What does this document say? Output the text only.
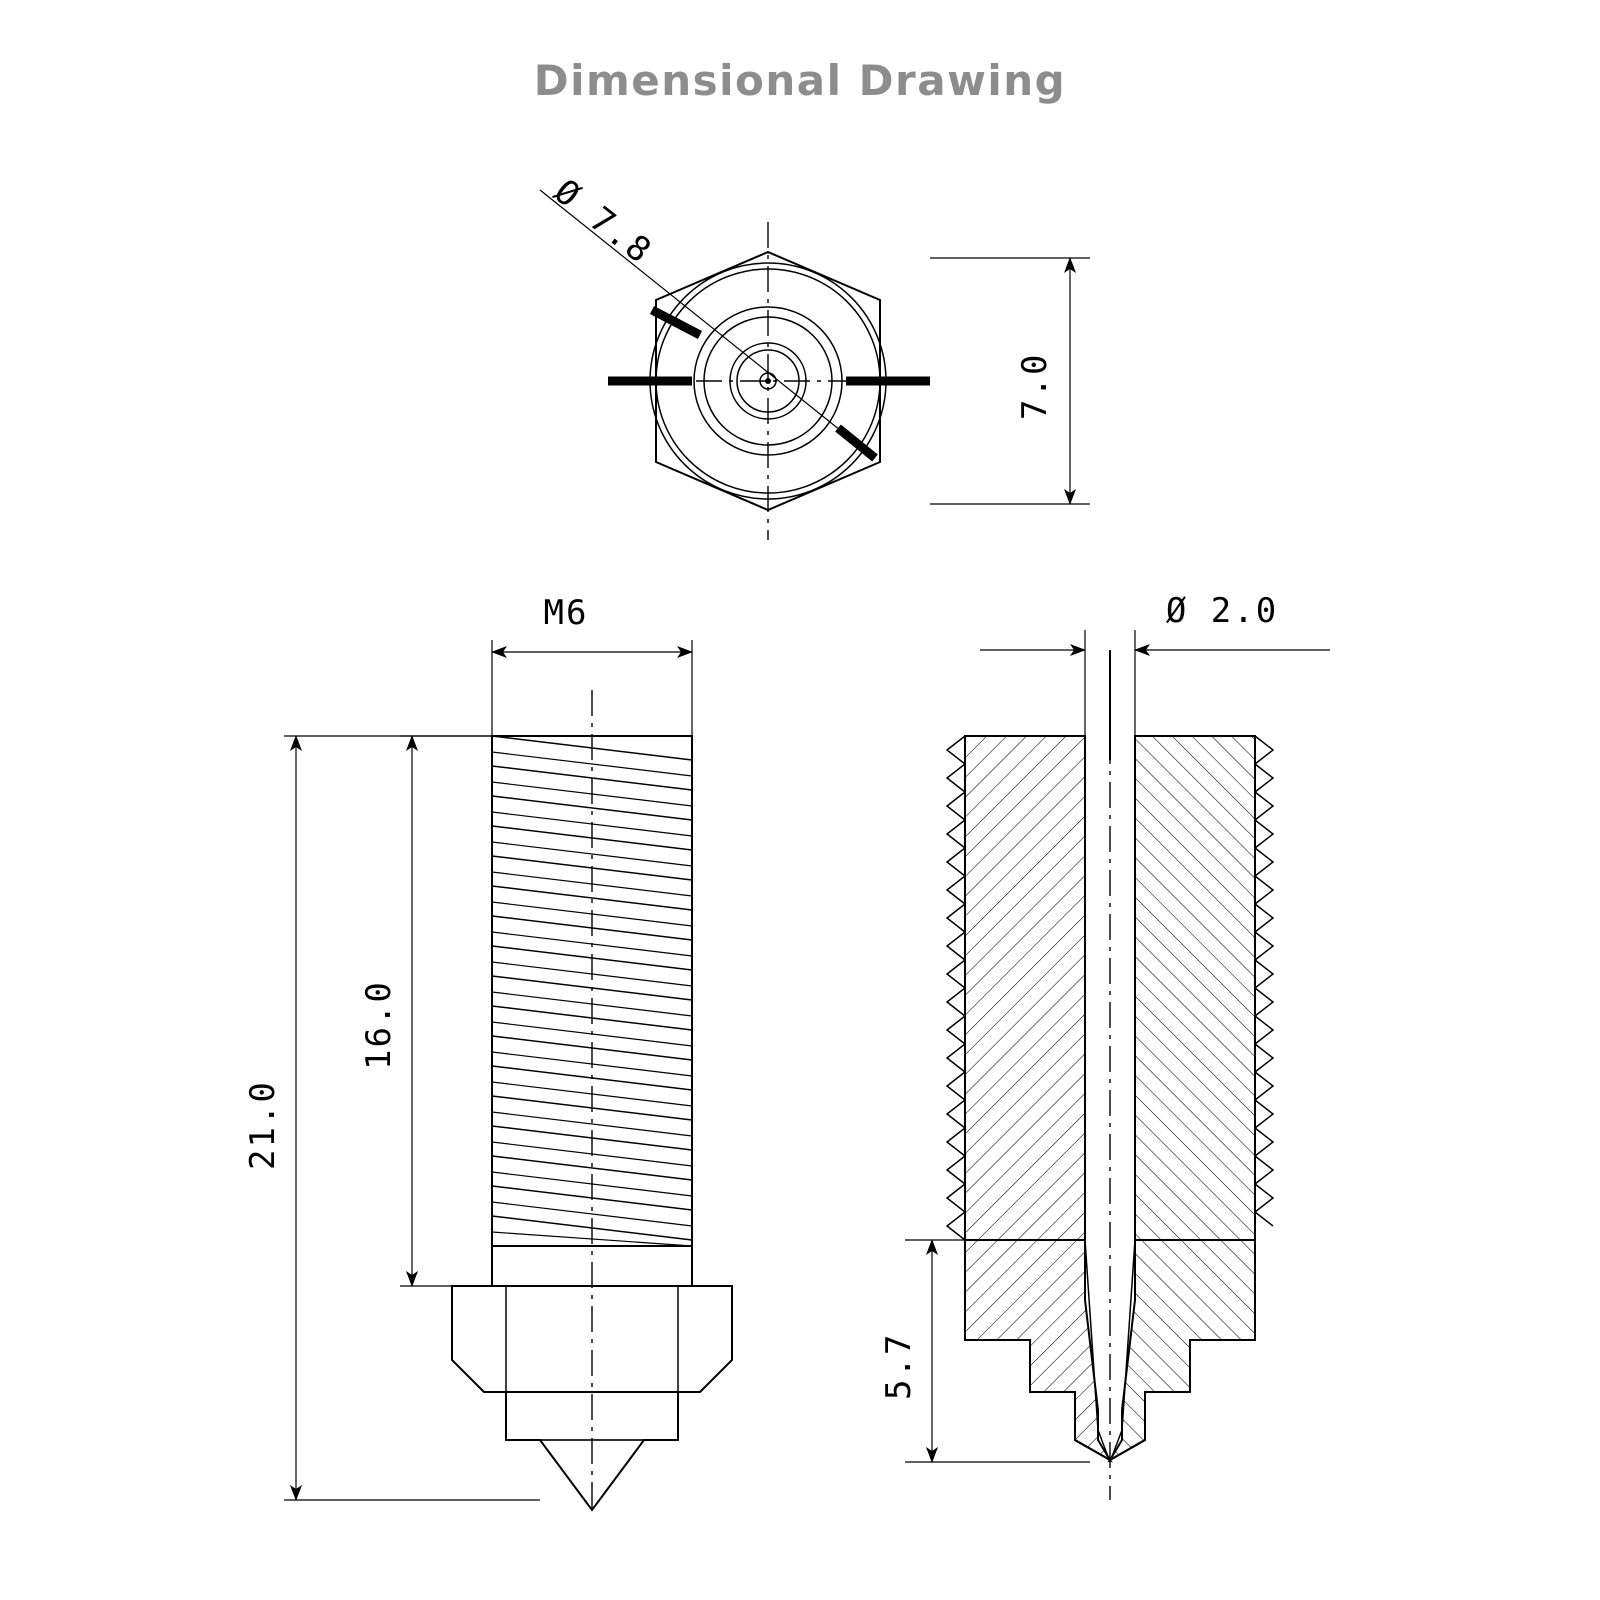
Dimensional Drawing
Ø 7.8
7.0
M6
21.0
16.0
Ø 2.0
5.7
